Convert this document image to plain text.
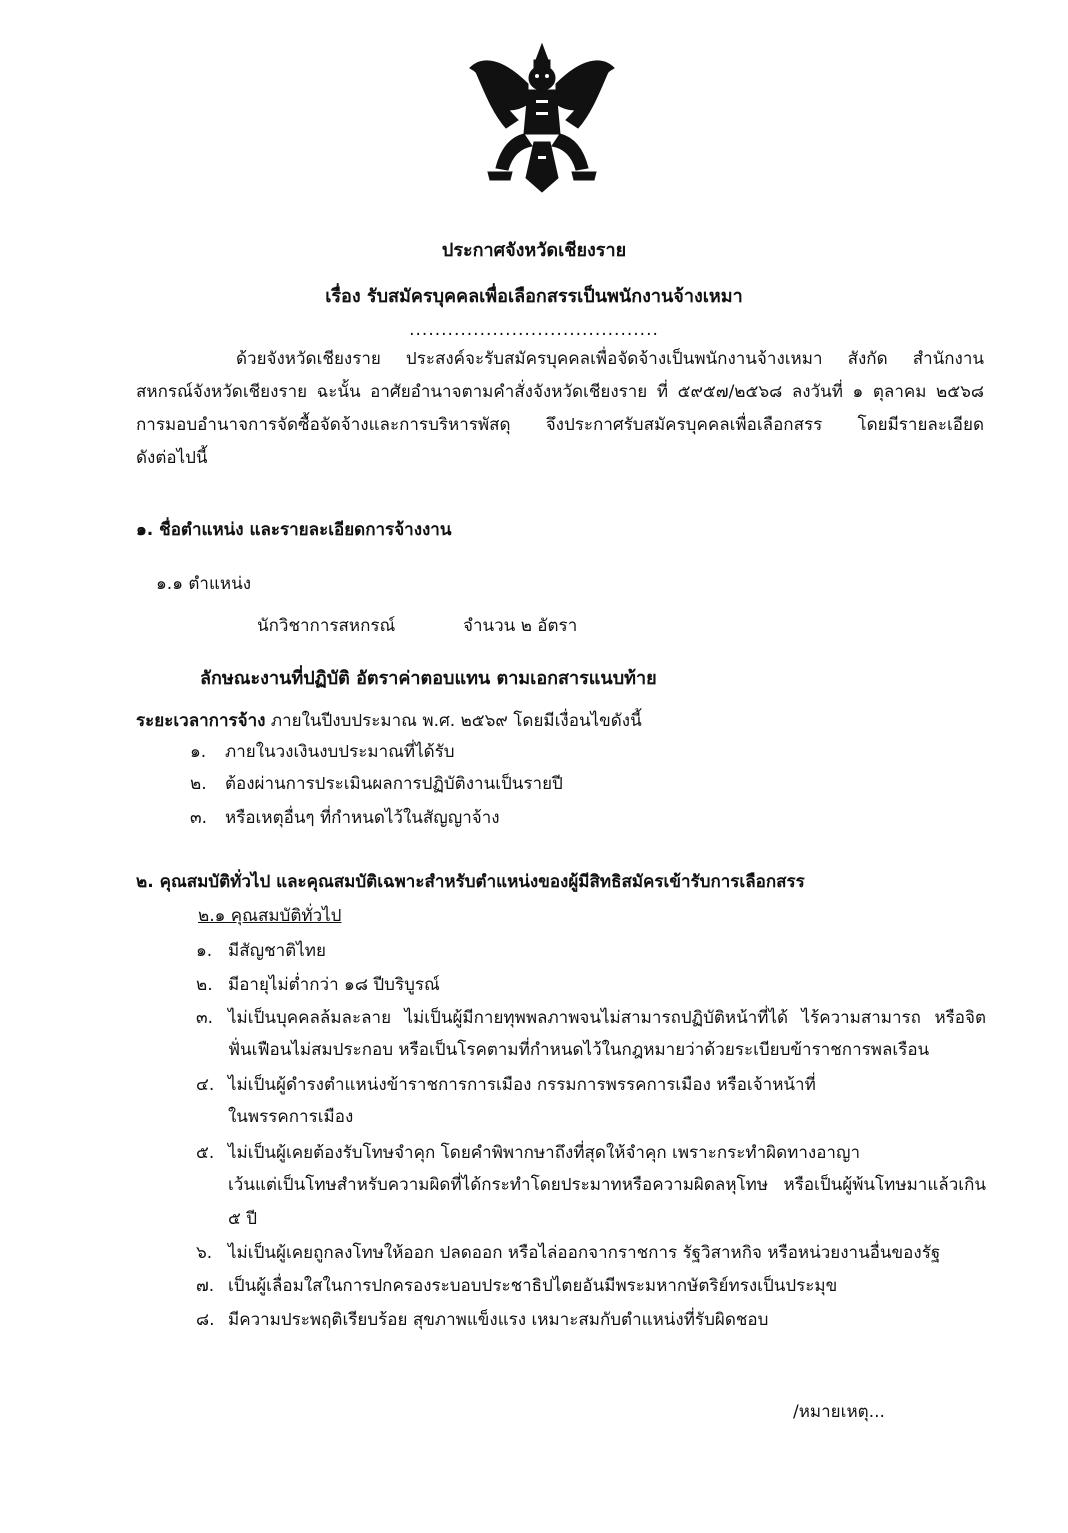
ประกาศจังหวัดเชียงราย
เรื่อง รับสมัครบุคคลเพื่อเลือกสรรเป็นพนักงานจ้างเหมา
.......................................
ด้วยจังหวัดเชียงราย ประสงค์จะรับสมัครบุคคลเพื่อจัดจ้างเป็นพนักงานจ้างเหมา สังกัด สำนักงาน
สหกรณ์จังหวัดเชียงราย ฉะนั้น อาศัยอำนาจตามคำสั่งจังหวัดเชียงราย ที่ ๕๙๕๗/๒๕๖๘ ลงวันที่ ๑ ตุลาคม ๒๕๖๘
การมอบอำนาจการจัดซื้อจัดจ้างและการบริหารพัสดุ จึงประกาศรับสมัครบุคคลเพื่อเลือกสรร โดยมีรายละเอียด
ดังต่อไปนี้
๑. ชื่อตำแหน่ง และรายละเอียดการจ้างงาน
๑.๑ ตำแหน่ง
นักวิชาการสหกรณ์	จำนวน ๒ อัตรา
ลักษณะงานที่ปฏิบัติ อัตราค่าตอบแทน ตามเอกสารแนบท้าย
ระยะเวลาการจ้าง ภายในปีงบประมาณ พ.ศ. ๒๕๖๙ โดยมีเงื่อนไขดังนี้
๑. ภายในวงเงินงบประมาณที่ได้รับ
๒. ต้องผ่านการประเมินผลการปฏิบัติงานเป็นรายปี
๓. หรือเหตุอื่นๆ ที่กำหนดไว้ในสัญญาจ้าง
๒. คุณสมบัติทั่วไป และคุณสมบัติเฉพาะสำหรับตำแหน่งของผู้มีสิทธิสมัครเข้ารับการเลือกสรร
๒.๑ คุณสมบัติทั่วไป
๑. มีสัญชาติไทย
๒. มีอายุไม่ต่ำกว่า ๑๘ ปีบริบูรณ์
๓. ไม่เป็นบุคคลล้มละลาย ไม่เป็นผู้มีกายทุพพลภาพจนไม่สามารถปฏิบัติหน้าที่ได้ ไร้ความสามารถ หรือจิต
ฟั่นเฟือนไม่สมประกอบ หรือเป็นโรคตามที่กำหนดไว้ในกฎหมายว่าด้วยระเบียบข้าราชการพลเรือน
๔. ไม่เป็นผู้ดำรงตำแหน่งข้าราชการการเมือง กรรมการพรรคการเมือง หรือเจ้าหน้าที่
ในพรรคการเมือง
๕. ไม่เป็นผู้เคยต้องรับโทษจำคุก โดยคำพิพากษาถึงที่สุดให้จำคุก เพราะกระทำผิดทางอาญา
เว้นแต่เป็นโทษสำหรับความผิดที่ได้กระทำโดยประมาทหรือความผิดลหุโทษ หรือเป็นผู้พ้นโทษมาแล้วเกิน
๕ ปี
๖. ไม่เป็นผู้เคยถูกลงโทษให้ออก ปลดออก หรือไล่ออกจากราชการ รัฐวิสาหกิจ หรือหน่วยงานอื่นของรัฐ
๗. เป็นผู้เลื่อมใสในการปกครองระบอบประชาธิปไตยอันมีพระมหากษัตริย์ทรงเป็นประมุข
๘. มีความประพฤติเรียบร้อย สุขภาพแข็งแรง เหมาะสมกับตำแหน่งที่รับผิดชอบ
/หมายเหตุ...
